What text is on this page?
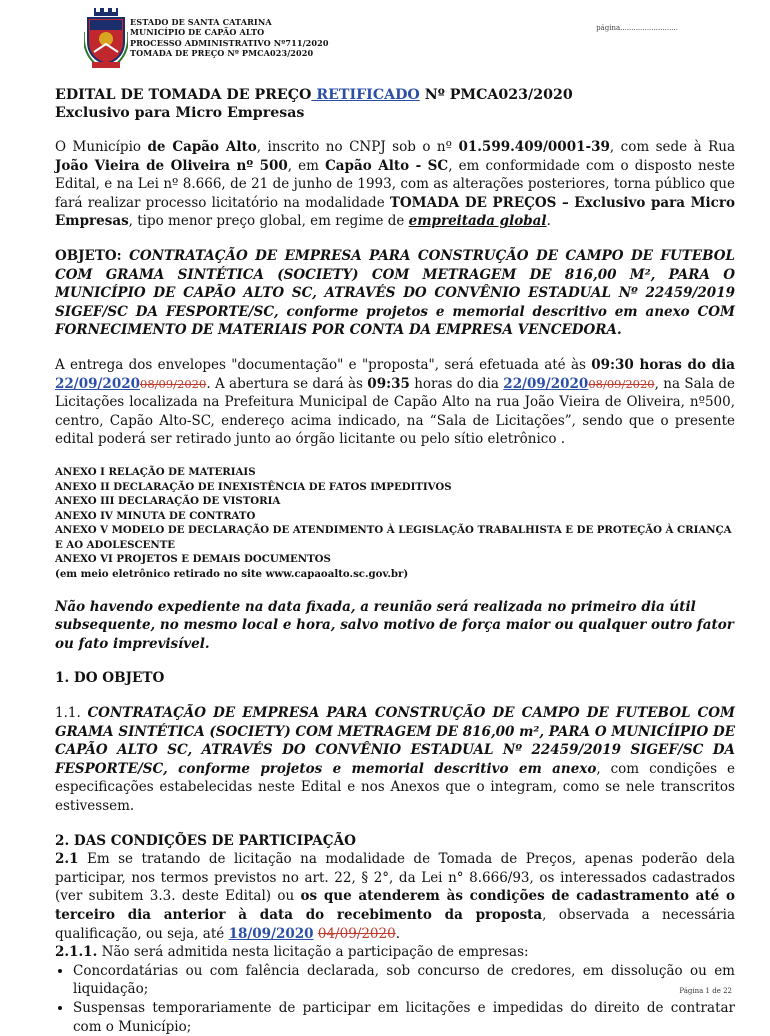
ESTADO DE SANTA CATARINA
MUNICÍPIO DE CAPÃO ALTO
PROCESSO ADMINISTRATIVO Nº711/2020
TOMADA DE PREÇO Nº PMCA023/2020
página..........................

EDITAL DE TOMADA DE PREÇO RETIFICADO Nº PMCA023/2020

Exclusivo para Micro Empresas

O Município de Capão Alto, inscrito no CNPJ sob o nº 01.599.409/0001-39, com sede à Rua João Vieira de Oliveira nº 500, em Capão Alto - SC, em conformidade com o disposto neste Edital, e na Lei nº 8.666, de 21 de junho de 1993, com as alterações posteriores, torna público que fará realizar processo licitatório na modalidade TOMADA DE PREÇOS – Exclusivo para Micro Empresas, tipo menor preço global, em regime de empreitada global.

OBJETO: CONTRATAÇÃO DE EMPRESA PARA CONSTRUÇÃO DE CAMPO DE FUTEBOL COM GRAMA SINTÉTICA (SOCIETY) COM METRAGEM DE 816,00 M², PARA O MUNICÍPIO DE CAPÃO ALTO SC, ATRAVÉS DO CONVÊNIO ESTADUAL Nº 22459/2019 SIGEF/SC DA FESPORTE/SC, conforme projetos e memorial descritivo em anexo COM FORNECIMENTO DE MATERIAIS POR CONTA DA EMPRESA VENCEDORA.

A entrega dos envelopes "documentação" e "proposta", será efetuada até às 09:30 horas do dia 22/09/202008/09/2020. A abertura se dará às 09:35 horas do dia 22/09/202008/09/2020, na Sala de Licitações localizada na Prefeitura Municipal de Capão Alto na rua João Vieira de Oliveira, nº500, centro, Capão Alto-SC, endereço acima indicado, na “Sala de Licitações”, sendo que o presente edital poderá ser retirado junto ao órgão licitante ou pelo sítio eletrônico .

ANEXO I RELAÇÃO DE MATERIAIS
ANEXO II DECLARAÇÃO DE INEXISTÊNCIA DE FATOS IMPEDITIVOS
ANEXO III DECLARAÇÃO DE VISTORIA
ANEXO IV MINUTA DE CONTRATO
ANEXO V MODELO DE DECLARAÇÃO DE ATENDIMENTO À LEGISLAÇÃO TRABALHISTA E DE PROTEÇÃO À CRIANÇA E AO ADOLESCENTE
ANEXO VI PROJETOS E DEMAIS DOCUMENTOS
(em meio eletrônico retirado no site www.capaoalto.sc.gov.br)

Não havendo expediente na data fixada, a reunião será realizada no primeiro dia útil subsequente, no mesmo local e hora, salvo motivo de força maior ou qualquer outro fator ou fato imprevisível.

1. DO OBJETO

1.1. CONTRATAÇÃO DE EMPRESA PARA CONSTRUÇÃO DE CAMPO DE FUTEBOL COM GRAMA SINTÉTICA (SOCIETY) COM METRAGEM DE 816,00 m², PARA O MUNICÍIPIO DE CAPÃO ALTO SC, ATRAVÉS DO CONVÊNIO ESTADUAL Nº 22459/2019 SIGEF/SC DA FESPORTE/SC, conforme projetos e memorial descritivo em anexo, com condições e especificações estabelecidas neste Edital e nos Anexos que o integram, como se nele transcritos estivessem.

2. DAS CONDIÇÕES DE PARTICIPAÇÃO

2.1 Em se tratando de licitação na modalidade de Tomada de Preços, apenas poderão dela participar, nos termos previstos no art. 22, § 2°, da Lei n° 8.666/93, os interessados cadastrados (ver subitem 3.3. deste Edital) ou os que atenderem às condições de cadastramento até o terceiro dia anterior à data do recebimento da proposta, observada a necessária qualificação, ou seja, até 18/09/2020 04/09/2020.

2.1.1. Não será admitida nesta licitação a participação de empresas:

• Concordatárias ou com falência declarada, sob concurso de credores, em dissolução ou em liquidação;
• Suspensas temporariamente de participar em licitações e impedidas do direito de contratar com o Município;
Página 1 de 22
